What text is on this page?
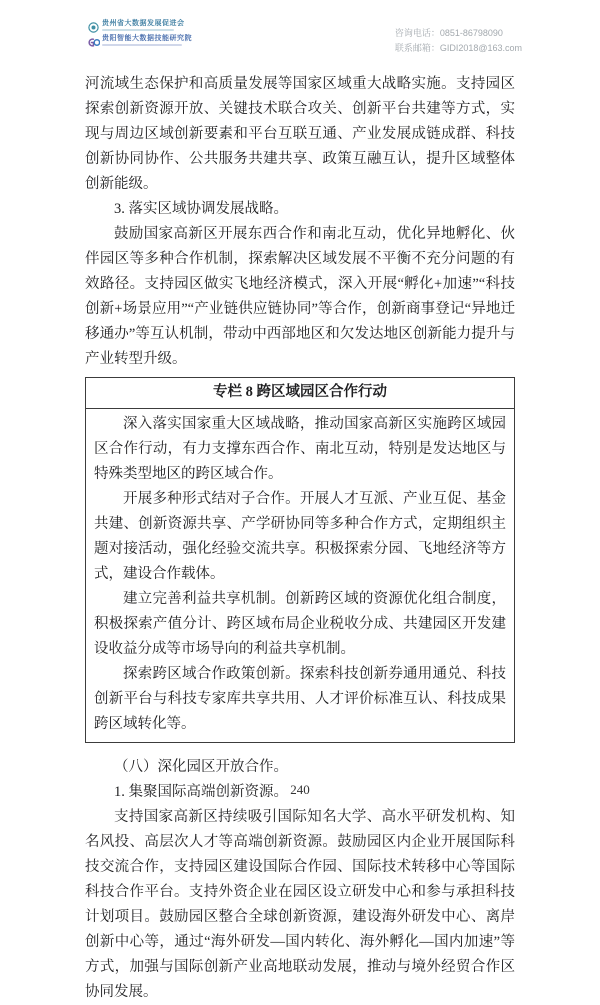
贵州省大数据发展促进会
贵阳智能大数据技能研究院
咨询电话：0851-86798090
联系邮箱：GIDI2018@163.com

河流域生态保护和高质量发展等国家区域重大战略实施。支持园区探索创新资源开放、关键技术联合攻关、创新平台共建等方式，实现与周边区域创新要素和平台互联互通、产业发展成链成群、科技创新协同协作、公共服务共建共享、政策互融互认，提升区域整体创新能级。

3. 落实区域协调发展战略。

鼓励国家高新区开展东西合作和南北互动，优化异地孵化、伙伴园区等多种合作机制，探索解决区域发展不平衡不充分问题的有效路径。支持园区做实飞地经济模式，深入开展“孵化+加速”“科技创新+场景应用”“产业链供应链协同”等合作，创新商事登记“异地迁移通办”等互认机制，带动中西部地区和欠发达地区创新能力提升与产业转型升级。

专栏 8 跨区域园区合作行动

深入落实国家重大区域战略，推动国家高新区实施跨区域园区合作行动，有力支撑东西合作、南北互动，特别是发达地区与特殊类型地区的跨区域合作。

开展多种形式结对子合作。开展人才互派、产业互促、基金共建、创新资源共享、产学研协同等多种合作方式，定期组织主题对接活动，强化经验交流共享。积极探索分园、飞地经济等方式，建设合作载体。

建立完善利益共享机制。创新跨区域的资源优化组合制度，积极探索产值分计、跨区域布局企业税收分成、共建园区开发建设收益分成等市场导向的利益共享机制。

探索跨区域合作政策创新。探索科技创新券通用通兑、科技创新平台与科技专家库共享共用、人才评价标准互认、科技成果跨区域转化等。

（八）深化园区开放合作。

1. 集聚国际高端创新资源。

支持国家高新区持续吸引国际知名大学、高水平研发机构、知名风投、高层次人才等高端创新资源。鼓励园区内企业开展国际科技交流合作，支持园区建设国际合作园、国际技术转移中心等国际科技合作平台。支持外资企业在园区设立研发中心和参与承担科技计划项目。鼓励园区整合全球创新资源，建设海外研发中心、离岸创新中心等，通过“海外研发—国内转化、海外孵化—国内加速”等方式，加强与国际创新产业高地联动发展，推动与境外经贸合作区协同发展。

240
